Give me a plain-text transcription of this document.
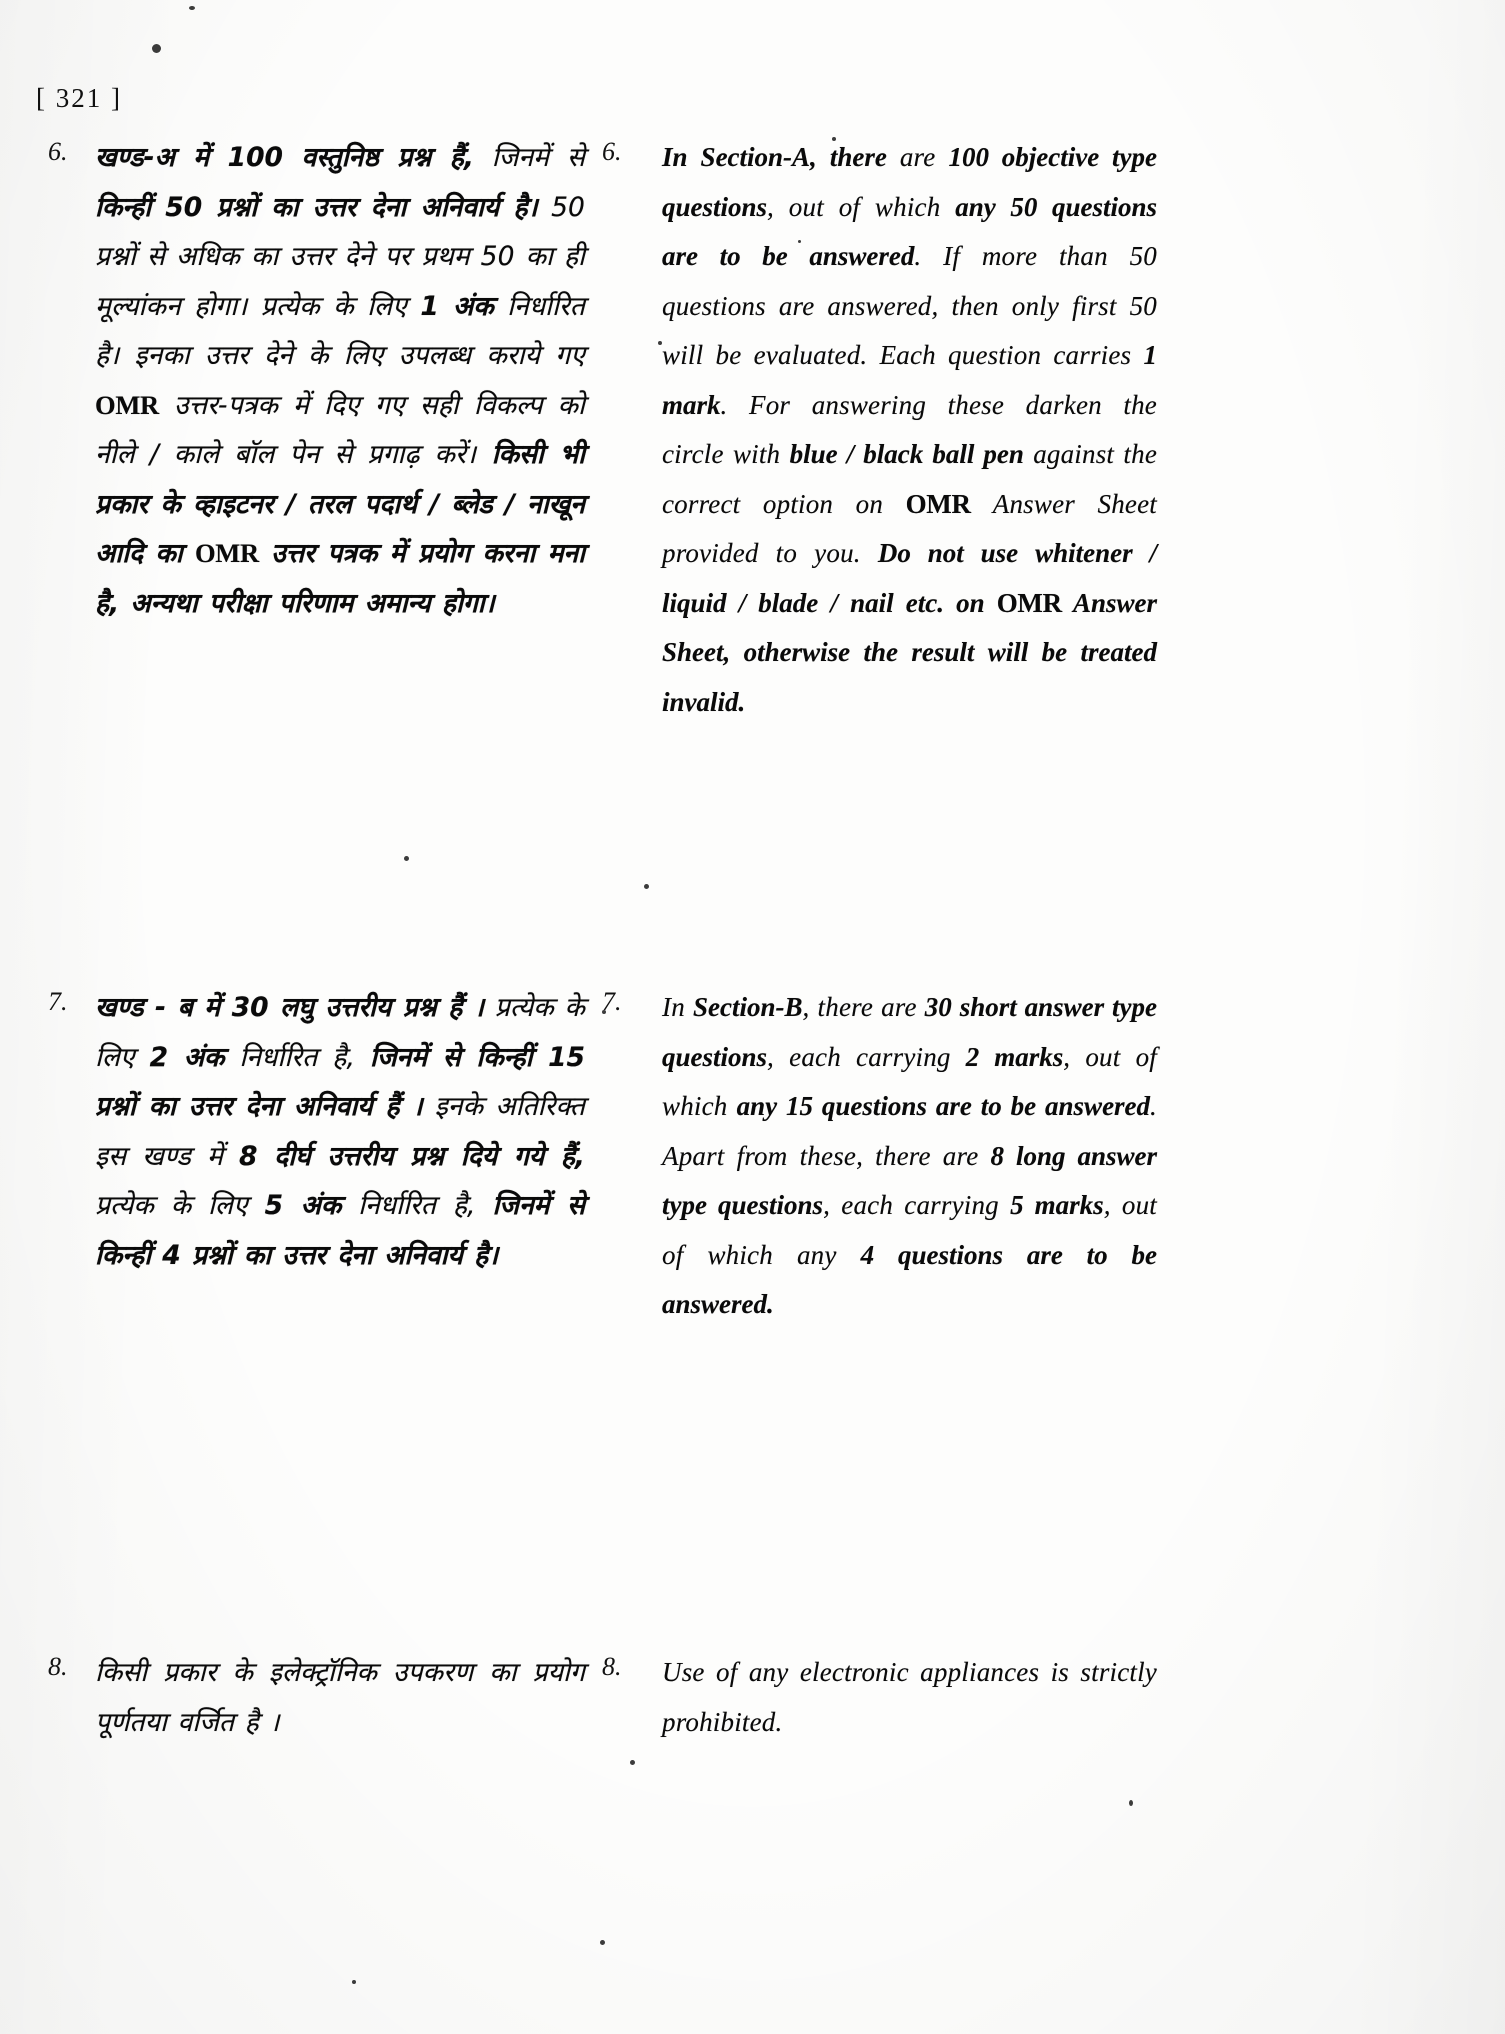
[ 321 ]
6. खण्ड-अ में 100 वस्तुनिष्ठ प्रश्न हैं, जिनमें से किन्हीं 50 प्रश्नों का उत्तर देना अनिवार्य है। 50 प्रश्नों से अधिक का उत्तर देने पर प्रथम 50 का ही मूल्यांकन होगा। प्रत्येक के लिए 1 अंक निर्धारित है। इनका उत्तर देने के लिए उपलब्ध कराये गए OMR उत्तर-पत्रक में दिए गए सही विकल्प को नीले / काले बॉल पेन से प्रगाढ़ करें। किसी भी प्रकार के व्हाइटनर / तरल पदार्थ / ब्लेड / नाखून आदि का OMR उत्तर पत्रक में प्रयोग करना मना है, अन्यथा परीक्षा परिणाम अमान्य होगा।

6. In Section-A, there are 100 objective type questions, out of which any 50 questions are to be answered. If more than 50 questions are answered, then only first 50 will be evaluated. Each question carries 1 mark. For answering these darken the circle with blue / black ball pen against the correct option on OMR Answer Sheet provided to you. Do not use whitener / liquid / blade / nail etc. on OMR Answer Sheet, otherwise the result will be treated invalid.

7. खण्ड - ब में 30 लघु उत्तरीय प्रश्न हैं । प्रत्येक के लिए 2 अंक निर्धारित है, जिनमें से किन्हीं 15 प्रश्नों का उत्तर देना अनिवार्य हैं । इनके अतिरिक्त इस खण्ड में 8 दीर्घ उत्तरीय प्रश्न दिये गये हैं, प्रत्येक के लिए 5 अंक निर्धारित है, जिनमें से किन्हीं 4 प्रश्नों का उत्तर देना अनिवार्य है।

7. In Section-B, there are 30 short answer type questions, each carrying 2 marks, out of which any 15 questions are to be answered. Apart from these, there are 8 long answer type questions, each carrying 5 marks, out of which any 4 questions are to be answered.

8. किसी प्रकार के इलेक्ट्रॉनिक उपकरण का प्रयोग पूर्णतया वर्जित है ।

8. Use of any electronic appliances is strictly prohibited.
